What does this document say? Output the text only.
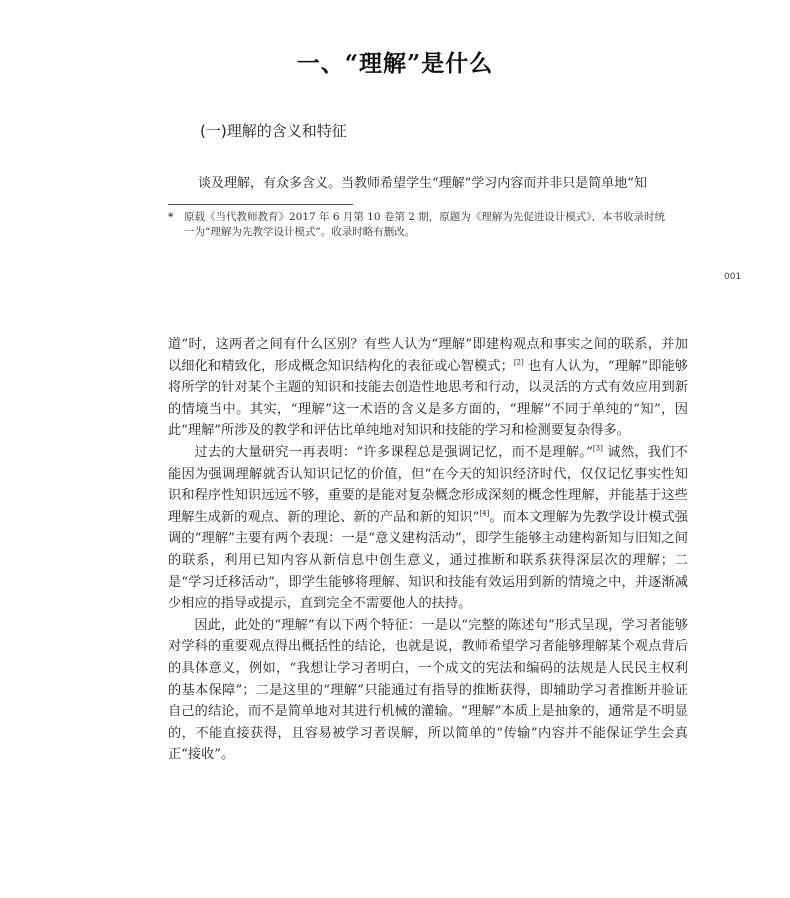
一、“理解”是什么
(一)理解的含义和特征
谈及理解，有众多含义。当教师希望学生“理解”学习内容而并非只是简单地“知
*	原载《当代教师教育》2017 年 6 月第 10 卷第 2 期，原题为《理解为先促进设计模式》，本书收录时统一为“理解为先教学设计模式”。收录时略有删改。
001

道”时，这两者之间有什么区别？有些人认为“理解”即建构观点和事实之间的联系，并加以细化和精致化，形成概念知识结构化的表征或心智模式；[2] 也有人认为，“理解”即能够将所学的针对某个主题的知识和技能去创造性地思考和行动，以灵活的方式有效应用到新的情境当中。其实，“理解”这一术语的含义是多方面的，“理解”不同于单纯的“知”，因此“理解”所涉及的教学和评估比单纯地对知识和技能的学习和检测要复杂得多。

过去的大量研究一再表明：“许多课程总是强调记忆，而不是理解。”[3] 诚然，我们不能因为强调理解就否认知识记忆的价值，但“在今天的知识经济时代，仅仅记忆事实性知识和程序性知识远远不够，重要的是能对复杂概念形成深刻的概念性理解，并能基于这些理解生成新的观点、新的理论、新的产品和新的知识”[4]。而本文理解为先教学设计模式强调的“理解”主要有两个表现：一是“意义建构活动”，即学生能够主动建构新知与旧知之间的联系，利用已知内容从新信息中创生意义，通过推断和联系获得深层次的理解；二是“学习迁移活动”，即学生能够将理解、知识和技能有效运用到新的情境之中，并逐渐减少相应的指导或提示，直到完全不需要他人的扶持。

因此，此处的“理解”有以下两个特征：一是以“完整的陈述句”形式呈现，学习者能够对学科的重要观点得出概括性的结论，也就是说，教师希望学习者能够理解某个观点背后的具体意义，例如，“我想让学习者明白，一个成文的宪法和编码的法规是人民民主权利的基本保障”；二是这里的“理解”只能通过有指导的推断获得，即辅助学习者推断并验证自己的结论，而不是简单地对其进行机械的灌输。“理解”本质上是抽象的，通常是不明显的，不能直接获得，且容易被学习者误解，所以简单的“传输”内容并不能保证学生会真正“接收”。
